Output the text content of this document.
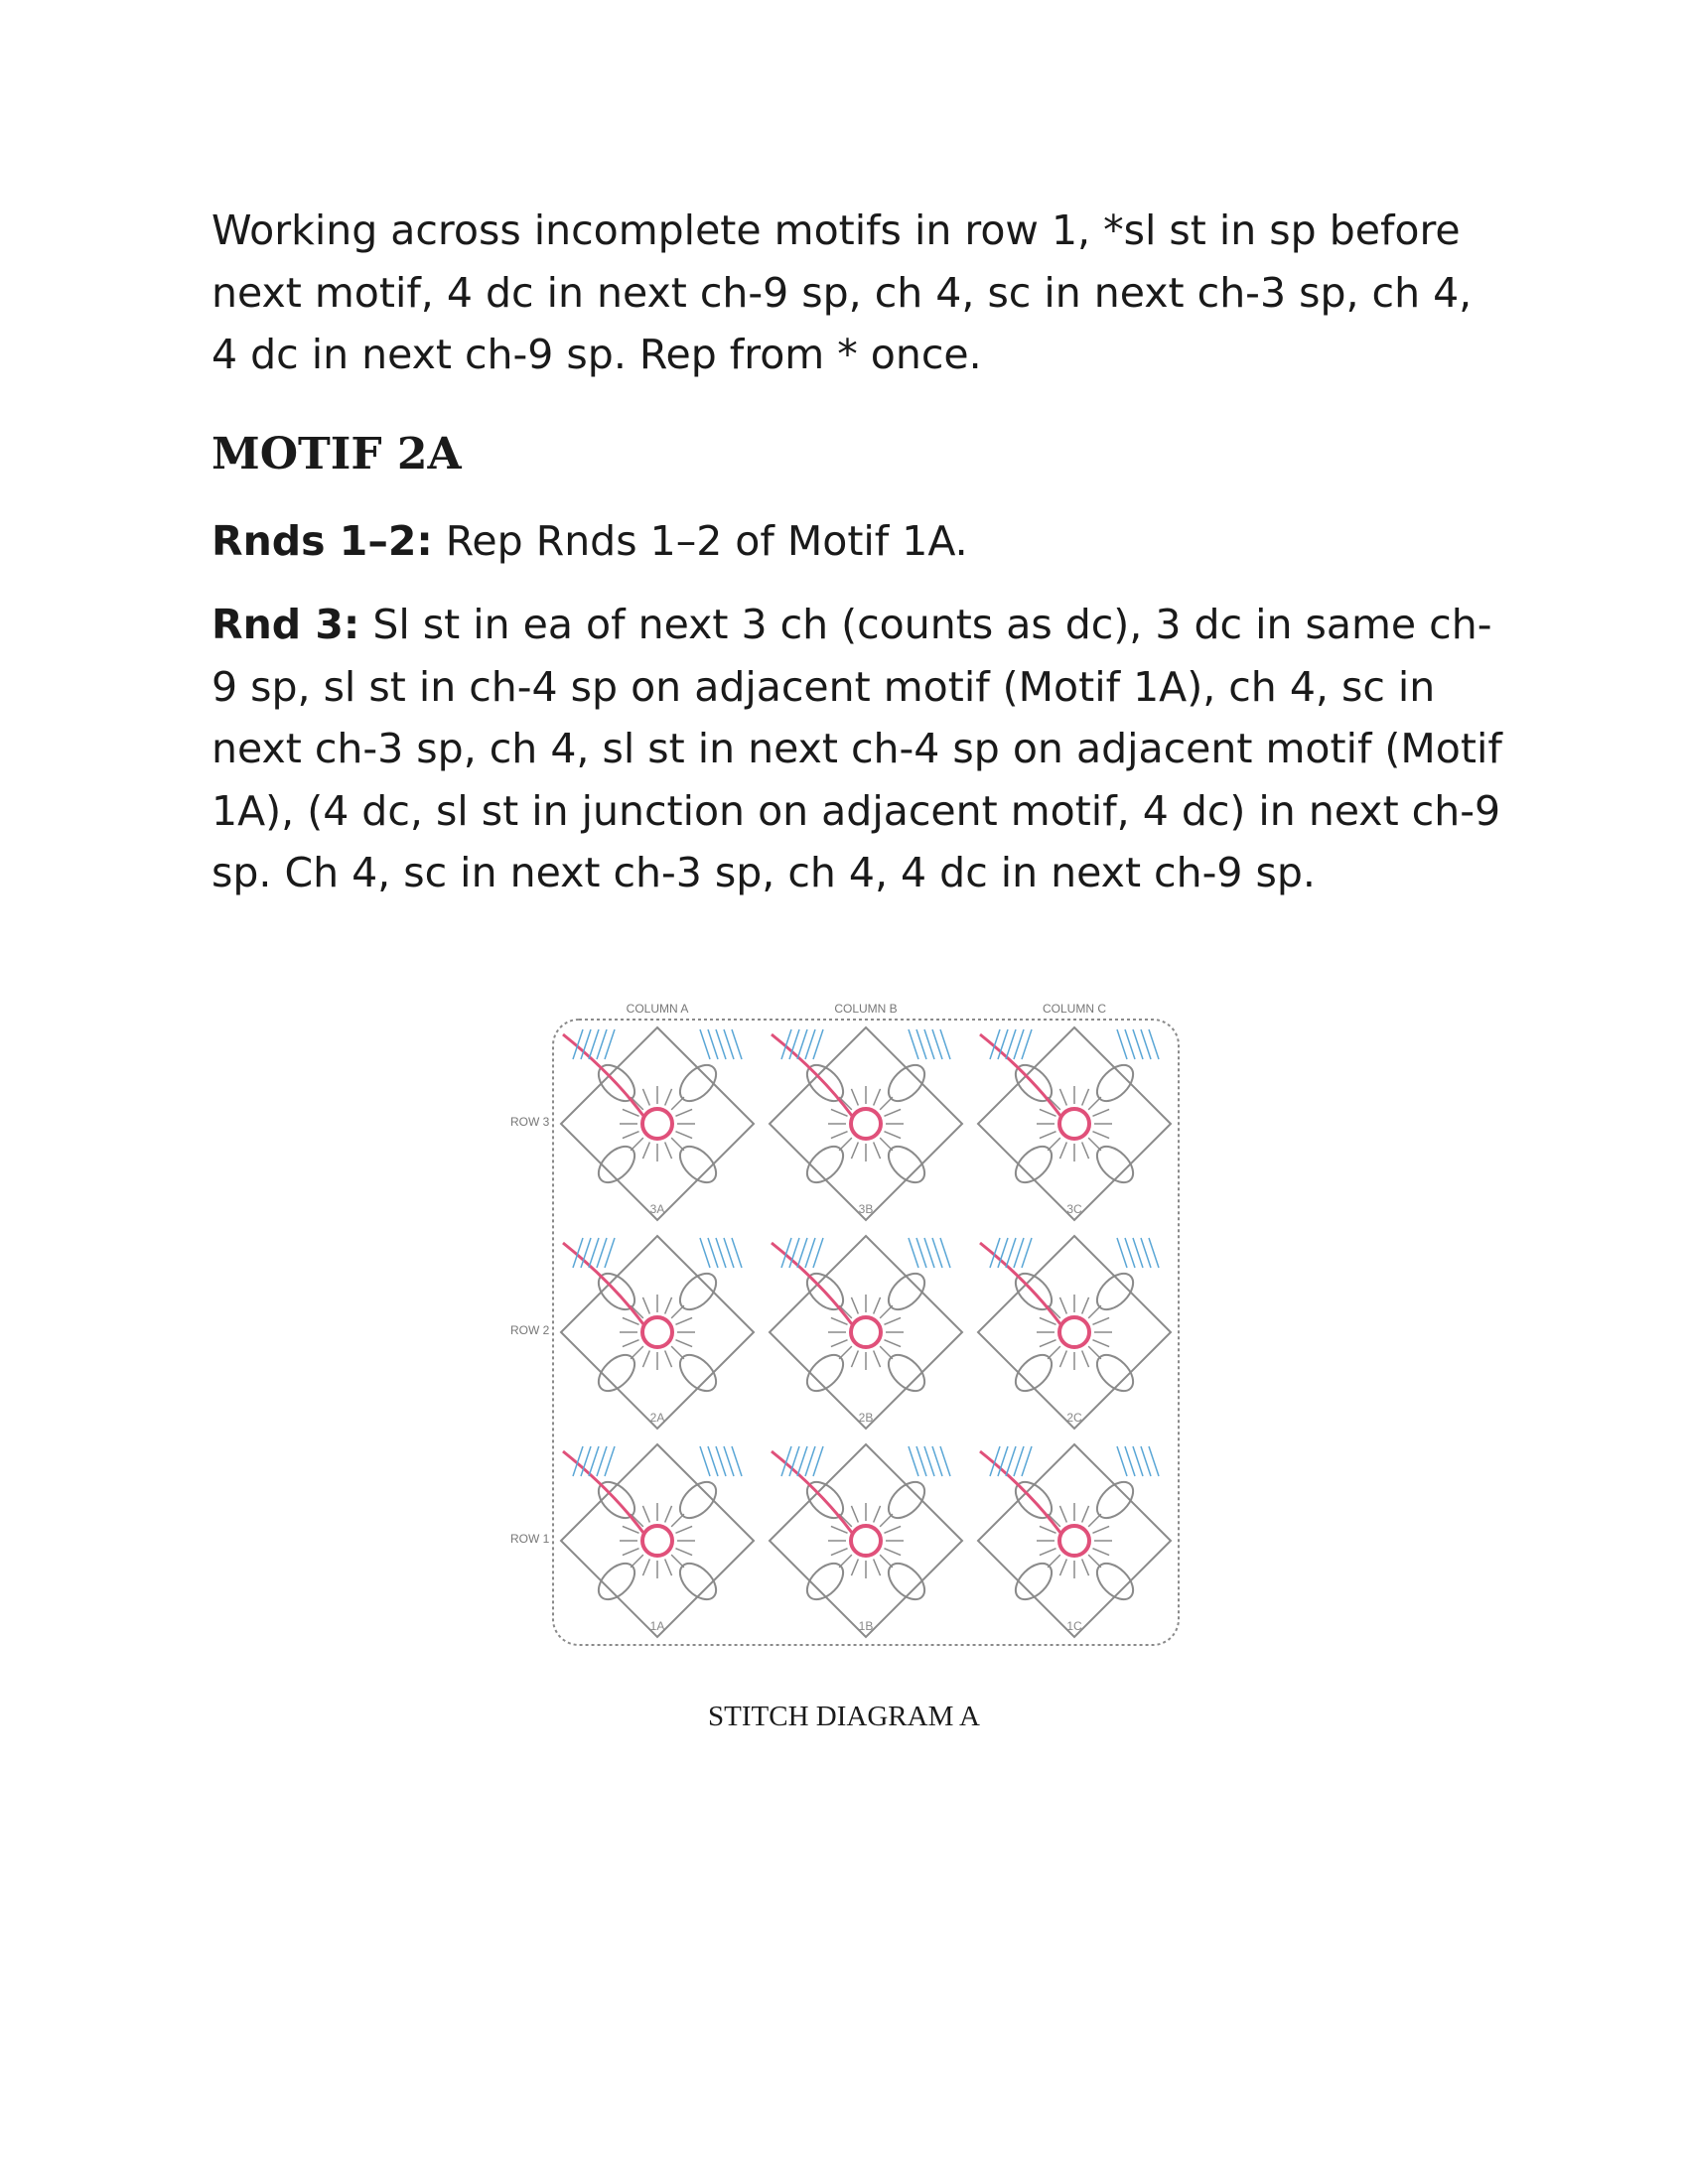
Working across incomplete motifs in row 1, *sl st in sp before next motif, 4 dc in next ch-9 sp, ch 4, sc in next ch-3 sp, ch 4, 4 dc in next ch-9 sp. Rep from * once.

MOTIF 2A

Rnds 1–2: Rep Rnds 1–2 of Motif 1A.

Rnd 3: Sl st in ea of next 3 ch (counts as dc), 3 dc in same ch-9 sp, sl st in ch-4 sp on adjacent motif (Motif 1A), ch 4, sc in next ch-3 sp, ch 4, sl st in next ch-4 sp on adjacent motif (Motif 1A), (4 dc, sl st in junction on adjacent motif, 4 dc) in next ch-9 sp. Ch 4, sc in next ch-3 sp, ch 4, 4 dc in next ch-9 sp.

COLUMN A	COLUMN B	COLUMN C
ROW 3
ROW 2
ROW 1
3A	3B	3C
2A	2B	2C
1A	1B	1C

STITCH DIAGRAM A
